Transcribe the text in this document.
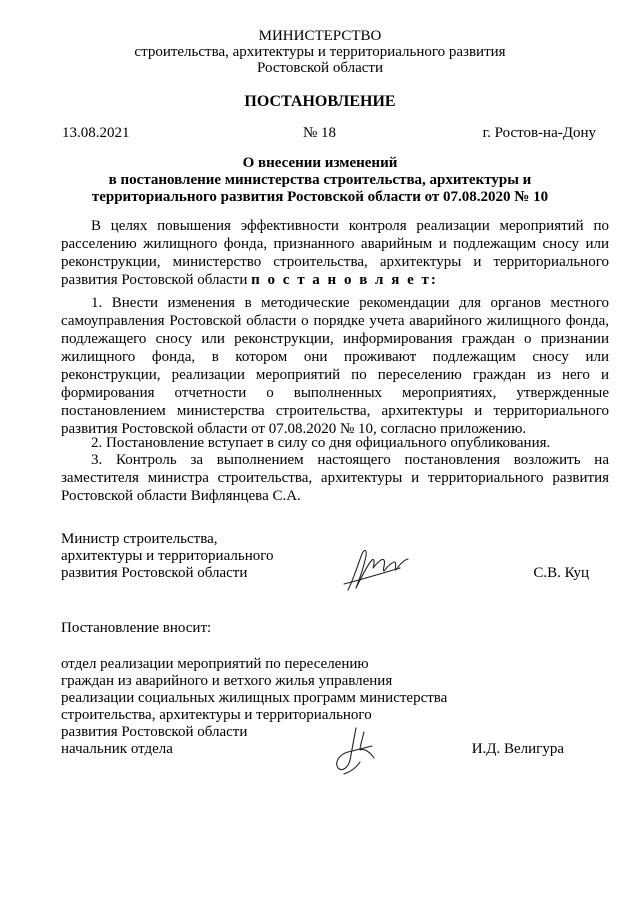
МИНИСТЕРСТВО
строительства, архитектуры и территориального развития
Ростовской области
ПОСТАНОВЛЕНИЕ
13.08.2021	№ 18	г. Ростов-на-Дону
О внесении изменений
в постановление министерства строительства, архитектуры и
территориального развития Ростовской области от 07.08.2020 № 10
В целях повышения эффективности контроля реализации мероприятий по расселению жилищного фонда, признанного аварийным и подлежащим сносу или реконструкции, министерство строительства, архитектуры и территориального развития Ростовской области п о с т а н о в л я е т:
1. Внести изменения в методические рекомендации для органов местного самоуправления Ростовской области о порядке учета аварийного жилищного фонда, подлежащего сносу или реконструкции, информирования граждан о признании жилищного фонда, в котором они проживают подлежащим сносу или реконструкции, реализации мероприятий по переселению граждан из него и формирования отчетности о выполненных мероприятиях, утвержденные постановлением министерства строительства, архитектуры и территориального развития Ростовской области от 07.08.2020 № 10, согласно приложению.
2. Постановление вступает в силу со дня официального опубликования.
3. Контроль за выполнением настоящего постановления возложить на заместителя министра строительства, архитектуры и территориального развития Ростовской области Вифлянцева С.А.
Министр строительства,
архитектуры и территориального
развития Ростовской области	С.В. Куц
Постановление вносит:
отдел реализации мероприятий по переселению
граждан из аварийного и ветхого жилья управления
реализации социальных жилищных программ министерства
строительства, архитектуры и территориального
развития Ростовской области
начальник отдела	И.Д. Велигура
